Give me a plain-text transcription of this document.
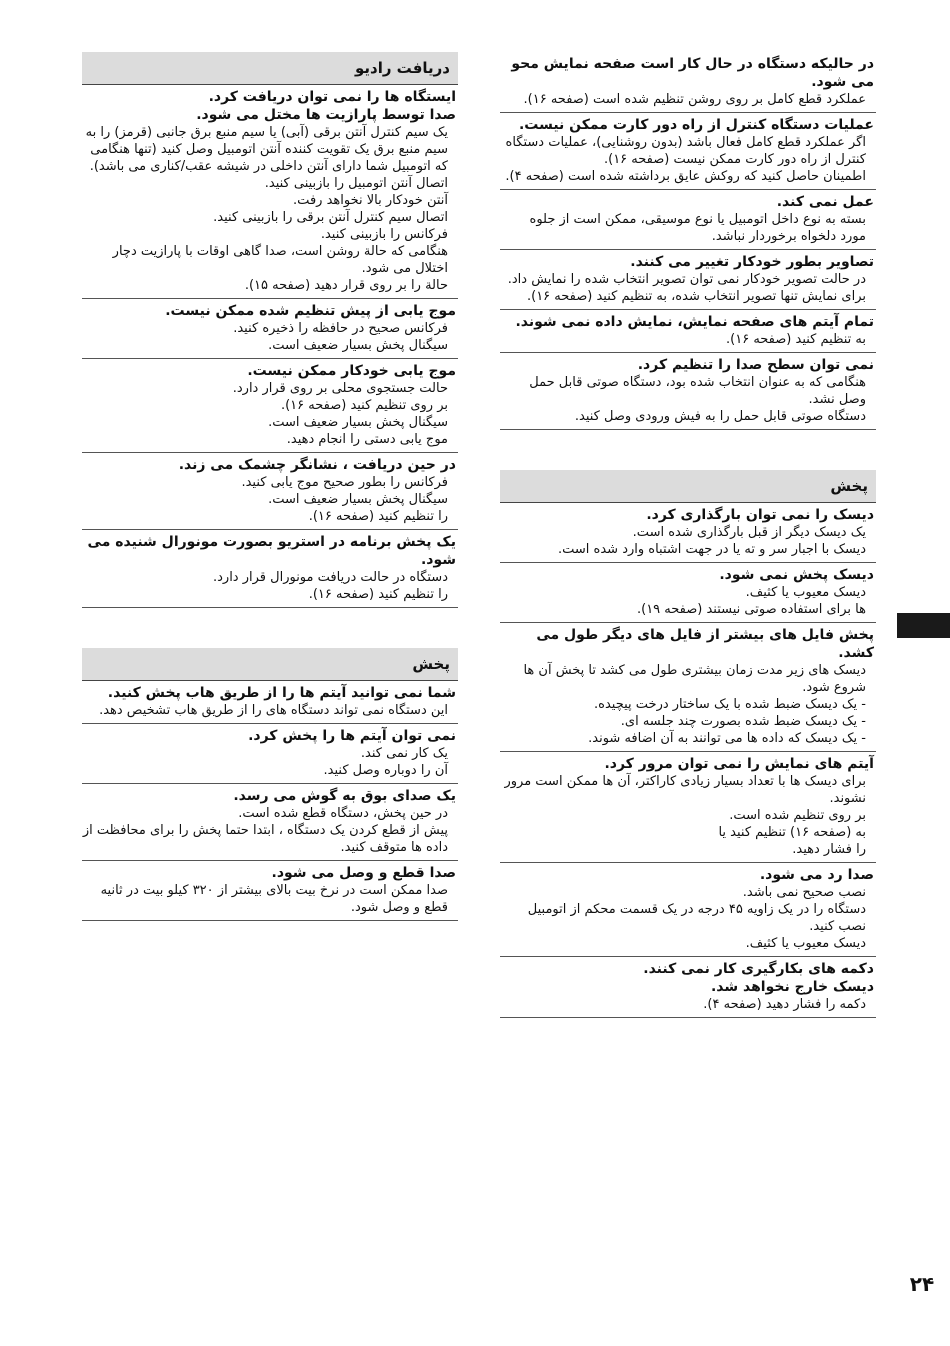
در حالیکه دستگاه در حال کار است صفحه نمایش محو می شود.
عملکرد قطع کامل بر روی روشن تنظیم شده است (صفحه ۱۶).
عملیات دستگاه کنترل از راه دور کارت ممکن نیست.
اگر عملکرد قطع کامل فعال باشد (بدون روشنایی)، عملیات دستگاه کنترل از راه دور کارت ممکن نیست (صفحه ۱۶).
اطمینان حاصل کنید که روکش عایق برداشته شده است (صفحه ۴).
عمل نمی کند.
بسته به نوع داخل اتومبیل یا نوع موسیقی، ممکن است از جلوه مورد دلخواه برخوردار نباشد.
تصاویر بطور خودکار تغییر می کنند.
در حالت تصویر خودکار نمی توان تصویر انتخاب شده را نمایش داد.
برای نمایش تنها تصویر انتخاب شده، به تنظیم کنید (صفحه ۱۶).
تمام آیتم های صفحه نمایش، نمایش داده نمی شوند.
به تنظیم کنید (صفحه ۱۶).
نمی توان سطح صدا را تنظیم کرد.
هنگامی که به عنوان انتخاب شده بود، دستگاه صوتی قابل حمل وصل نشد.
دستگاه صوتی قابل حمل را به فیش ورودی وصل کنید.
پخش
دیسک را نمی توان بارگذاری کرد.
یک دیسک دیگر از قبل بارگذاری شده است.
دیسک با اجبار سر و ته یا در جهت اشتباه وارد شده است.
دیسک پخش نمی شود.
دیسک معیوب یا کثیف.
ها برای استفاده صوتی نیستند (صفحه ۱۹).
پخش فایل های بیشتر از فایل های دیگر طول می کشد.
دیسک های زیر مدت زمان بیشتری طول می کشد تا پخش آن ها شروع شود.
- یک دیسک ضبط شده با یک ساختار درخت پیچیده.
- یک دیسک ضبط شده بصورت چند جلسه ای.
- یک دیسک که داده ها می توانند به آن اضافه شوند.
آیتم های نمایش را نمی توان مرور کرد.
برای دیسک ها با تعداد بسیار زیادی کاراکتر، آن ها ممکن است مرور نشوند.
بر روی تنظیم شده است.
به (صفحه ۱۶) تنظیم کنید یا
را فشار دهید.
صدا رد می شود.
نصب صحیح نمی باشد.
دستگاه را در یک زاویه ۴۵ درجه در یک قسمت محکم از اتومبیل نصب کنید.
دیسک معیوب یا کثیف.
دکمه های بکارگیری کار نمی کنند.
دیسک خارج نخواهد شد.
دکمه را فشار دهید (صفحه ۴).
دریافت رادیو
ایستگاه ها را نمی توان دریافت کرد.
صدا توسط پارازیت ها مختل می شود.
یک سیم کنترل آنتن برقی (آبی) یا سیم منبع برق جانبی (قرمز) را به سیم منبع برق یک تقویت کننده آنتن اتومبیل وصل کنید (تنها هنگامی که اتومبیل شما دارای آنتن داخلی در شیشه عقب/کناری می باشد).
اتصال آنتن اتومبیل را بازبینی کنید.
آنتن خودکار بالا نخواهد رفت.
اتصال سیم کنترل آنتن برقی را بازبینی کنید.
فرکانس را بازبینی کنید.
هنگامی که حالة روشن است، صدا گاهی اوقات با پارازیت دچار اختلال می شود.
حالة را بر روی قرار دهید (صفحه ۱۵).
موج یابی از پیش تنظیم شده ممکن نیست.
فرکانس صحیح در حافظه را ذخیره کنید.
سیگنال پخش بسیار ضعیف است.
موج یابی خودکار ممکن نیست.
حالت جستجوی محلی بر روی قرار دارد.
بر روی تنظیم کنید (صفحه ۱۶).
سیگنال پخش بسیار ضعیف است.
موج یابی دستی را انجام دهید.
در حین دریافت ، نشانگر چشمک می زند.
فرکانس را بطور صحیح موج یابی کنید.
سیگنال پخش بسیار ضعیف است.
را تنظیم کنید (صفحه ۱۶).
یک پخش برنامه در استریو بصورت مونورال شنیده می شود.
دستگاه در حالت دریافت مونورال قرار دارد.
را تنظیم کنید (صفحه ۱۶).
پخش
شما نمی توانید آیتم ها را از طریق هاب پخش کنید.
این دستگاه نمی تواند دستگاه های را از طریق هاب تشخیص دهد.
نمی توان آیتم ها را پخش کرد.
یک کار نمی کند.
آن را دوباره وصل کنید.
یک صدای بوق به گوش می رسد.
در حین پخش، دستگاه قطع شده است.
پیش از قطع کردن یک دستگاه ، ابتدا حتما پخش را برای محافظت از داده ها متوقف کنید.
صدا قطع و وصل می شود.
صدا ممکن است در نرخ بیت بالای بیشتر از ۳۲۰ کیلو بیت در ثانیه قطع و وصل شود.
۲۴
